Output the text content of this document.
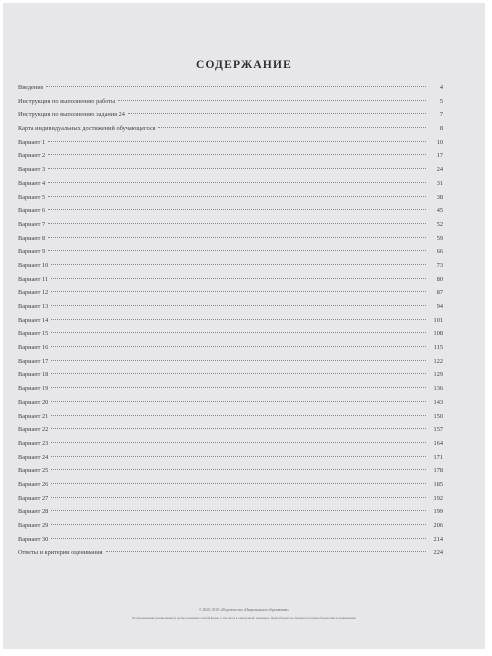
СОДЕРЖАНИЕ
Введение	4
Инструкция по выполнению работы	5
Инструкция по выполнению задания 24	7
Карта индивидуальных достижений обучающегося	8
Вариант 1	10
Вариант 2	17
Вариант 3	24
Вариант 4	31
Вариант 5	38
Вариант 6	45
Вариант 7	52
Вариант 8	59
Вариант 9	66
Вариант 10	73
Вариант 11	80
Вариант 12	87
Вариант 13	94
Вариант 14	101
Вариант 15	108
Вариант 16	115
Вариант 17	122
Вариант 18	129
Вариант 19	136
Вариант 20	143
Вариант 21	150
Вариант 22	157
Вариант 23	164
Вариант 24	171
Вариант 25	178
Вариант 26	185
Вариант 27	192
Вариант 28	199
Вариант 29	206
Вариант 30	214
Ответы и критерии оценивания	224
© 2020, ООО «Издательство «Национальное образование»
Воспроизведение (копирование) и распространение в любой форме, в том числе в электронной, запрещено. Правообладатель обращается к правообладателям за разрешением
